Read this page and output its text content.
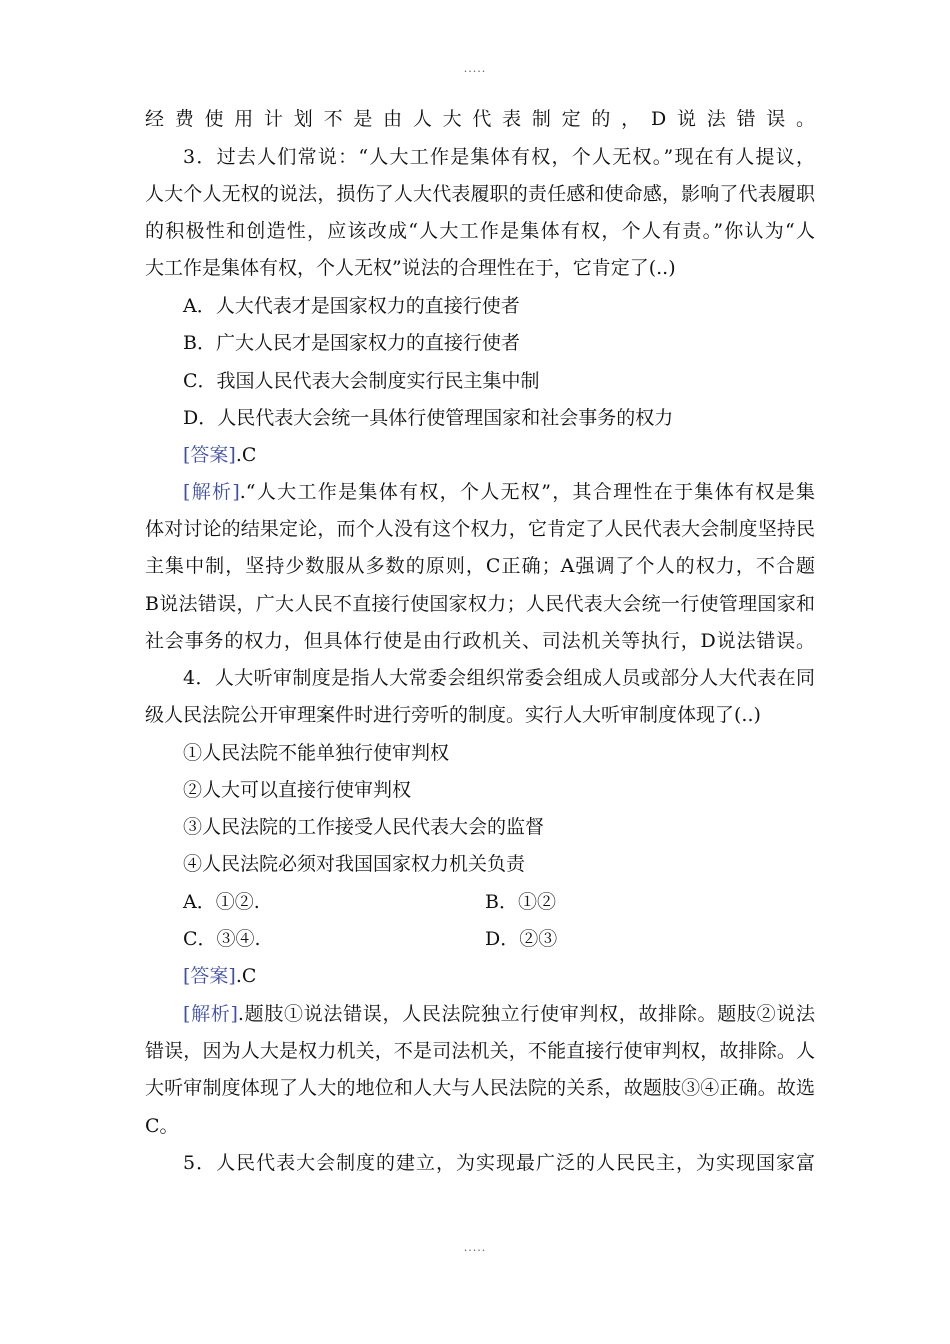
.....
经费使用计划不是由人大代表制定的，D说法错误。
3．过去人们常说：“人大工作是集体有权，个人无权。”现在有人提议，
人大个人无权的说法，损伤了人大代表履职的责任感和使命感，影响了代表履职
的积极性和创造性，应该改成“人大工作是集体有权，个人有责。”你认为“人
大工作是集体有权，个人无权”说法的合理性在于，它肯定了(..)
A．人大代表才是国家权力的直接行使者
B．广大人民才是国家权力的直接行使者
C．我国人民代表大会制度实行民主集中制
D．人民代表大会统一具体行使管理国家和社会事务的权力
[答案].C
[解析].“人大工作是集体有权，个人无权”，其合理性在于集体有权是集
体对讨论的结果定论，而个人没有这个权力，它肯定了人民代表大会制度坚持民
主集中制，坚持少数服从多数的原则，C正确；A强调了个人的权力，不合题
B说法错误，广大人民不直接行使国家权力；人民代表大会统一行使管理国家和
社会事务的权力，但具体行使是由行政机关、司法机关等执行，D说法错误。
4．人大听审制度是指人大常委会组织常委会组成人员或部分人大代表在同
级人民法院公开审理案件时进行旁听的制度。实行人大听审制度体现了(..)
①人民法院不能单独行使审判权
②人大可以直接行使审判权
③人民法院的工作接受人民代表大会的监督
④人民法院必须对我国国家权力机关负责
A．①②.	B．①②
C．③④.	D．②③
[答案].C
[解析].题肢①说法错误，人民法院独立行使审判权，故排除。题肢②说法
错误，因为人大是权力机关，不是司法机关，不能直接行使审判权，故排除。人
大听审制度体现了人大的地位和人大与人民法院的关系，故题肢③④正确。故选
C。
5．人民代表大会制度的建立，为实现最广泛的人民民主，为实现国家富
.....
